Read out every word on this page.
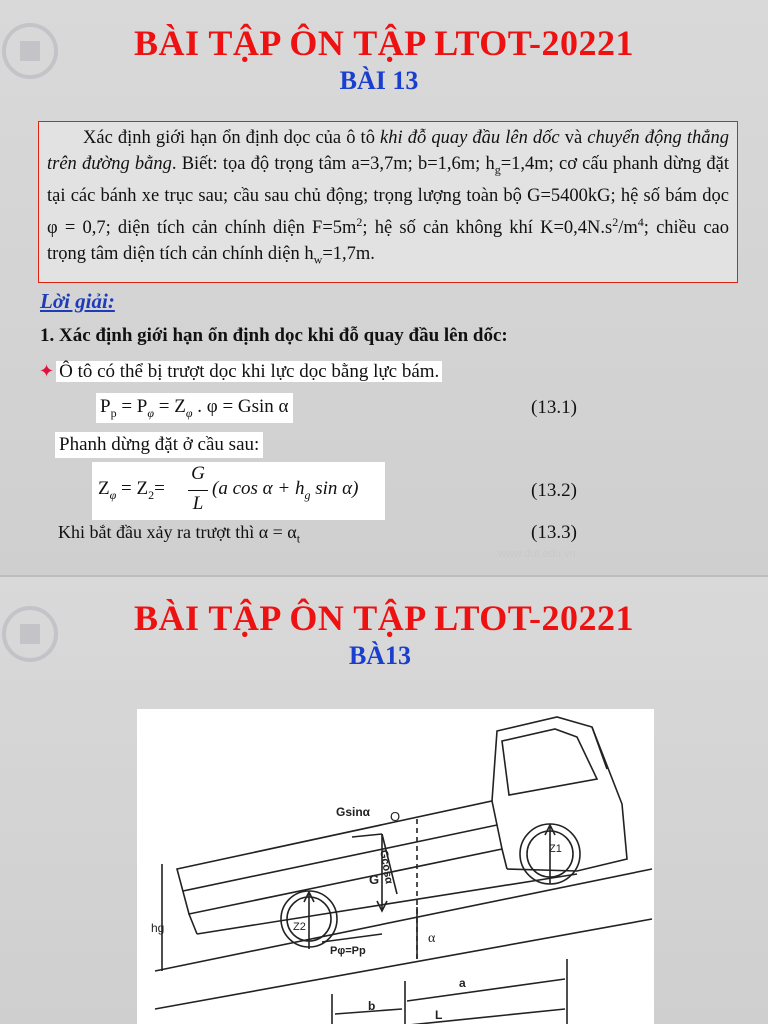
BÀI TẬP ÔN TẬP LTOT-20221
BÀI 13
Xác định giới hạn ổn định dọc của ô tô khi đỗ quay đầu lên dốc và chuyển động thẳng trên đường bằng. Biết: tọa độ trọng tâm a=3,7m; b=1,6m; $h_g=1,4m$; cơ cấu phanh dừng đặt tại các bánh xe trục sau; cầu sau chủ động; trọng lượng toàn bộ G=5400kG; hệ số bám dọc φ = 0,7; diện tích cản chính diện $F=5m^2$; hệ số cản không khí $K=0,4N.s^2/m^4$; chiều cao trọng tâm diện tích cản chính diện $h_w=1,7m$.
Lời giải:
1. Xác định giới hạn ổn định dọc khi đỗ quay đầu lên dốc:
✦ Ô tô có thể bị trượt dọc khi lực dọc bằng lực bám.
$P_p = P_\varphi = Z_\varphi$ . φ = Gsin α	(13.1)
Phanh dừng đặt ở cầu sau:
$Z_\varphi = Z_2=$
G
L
(a $\cos \alpha + h_g$ sin α)	(13.2)
Khi bắt đầu xảy ra trượt thì $\alpha = \alpha_t$	(13.3)
www.dut.edu.vn
BÀI TẬP ÔN TẬP LTOT-20221
BÀ13
Gsinα O
Gcosα
G
Z1
Z2
hg
α
Pφ=Pp
a
b
L
